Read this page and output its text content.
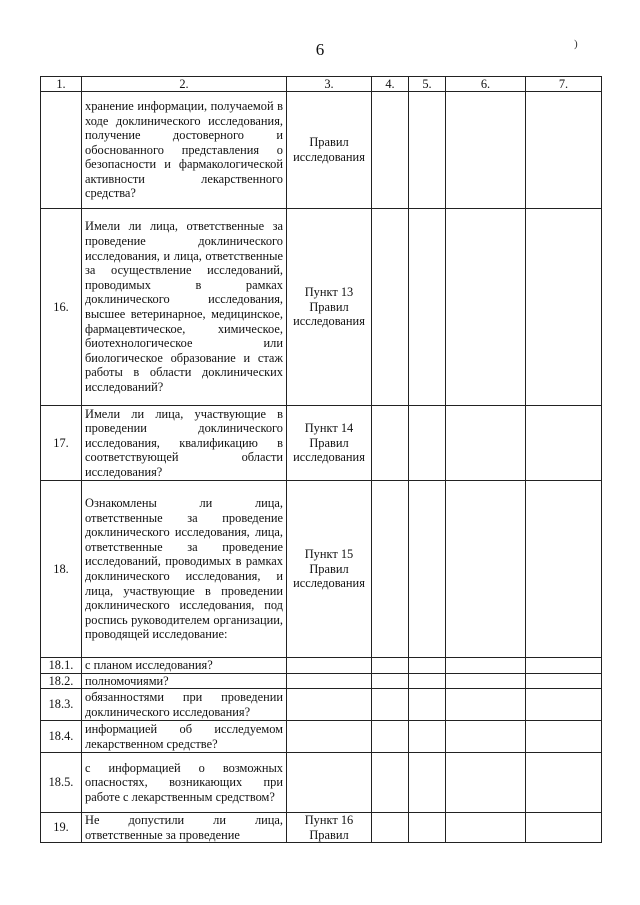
6	)
1.	2.	3.	4.	5.	6.	7.
	хранение информации, получаемой в ходе доклинического исследования, получение достоверного и обоснованного представления о безопасности и фармакологической активности лекарственного средства?	Правил исследования				
16.	Имели ли лица, ответственные за проведение доклинического исследования, и лица, ответственные за осуществление исследований, проводимых в рамках доклинического исследования, высшее ветеринарное, медицинское, фармацевтическое, химическое, биотехнологическое или биологическое образование и стаж работы в области доклинических исследований?	Пункт 13 Правил исследования				
17.	Имели ли лица, участвующие в проведении доклинического исследования, квалификацию в соответствующей области исследования?	Пункт 14 Правил исследования				
18.	Ознакомлены ли лица, ответственные за проведение доклинического исследования, лица, ответственные за проведение исследований, проводимых в рамках доклинического исследования, и лица, участвующие в проведении доклинического исследования, под роспись руководителем организации, проводящей исследование:	Пункт 15 Правил исследования				
18.1.	с планом исследования?					
18.2.	полномочиями?					
18.3.	обязанностями при проведении доклинического исследования?					
18.4.	информацией об исследуемом лекарственном средстве?					
18.5.	с информацией о возможных опасностях, возникающих при работе с лекарственным средством?					
19.	Не допустили ли лица, ответственные за проведение	Пункт 16 Правил				
